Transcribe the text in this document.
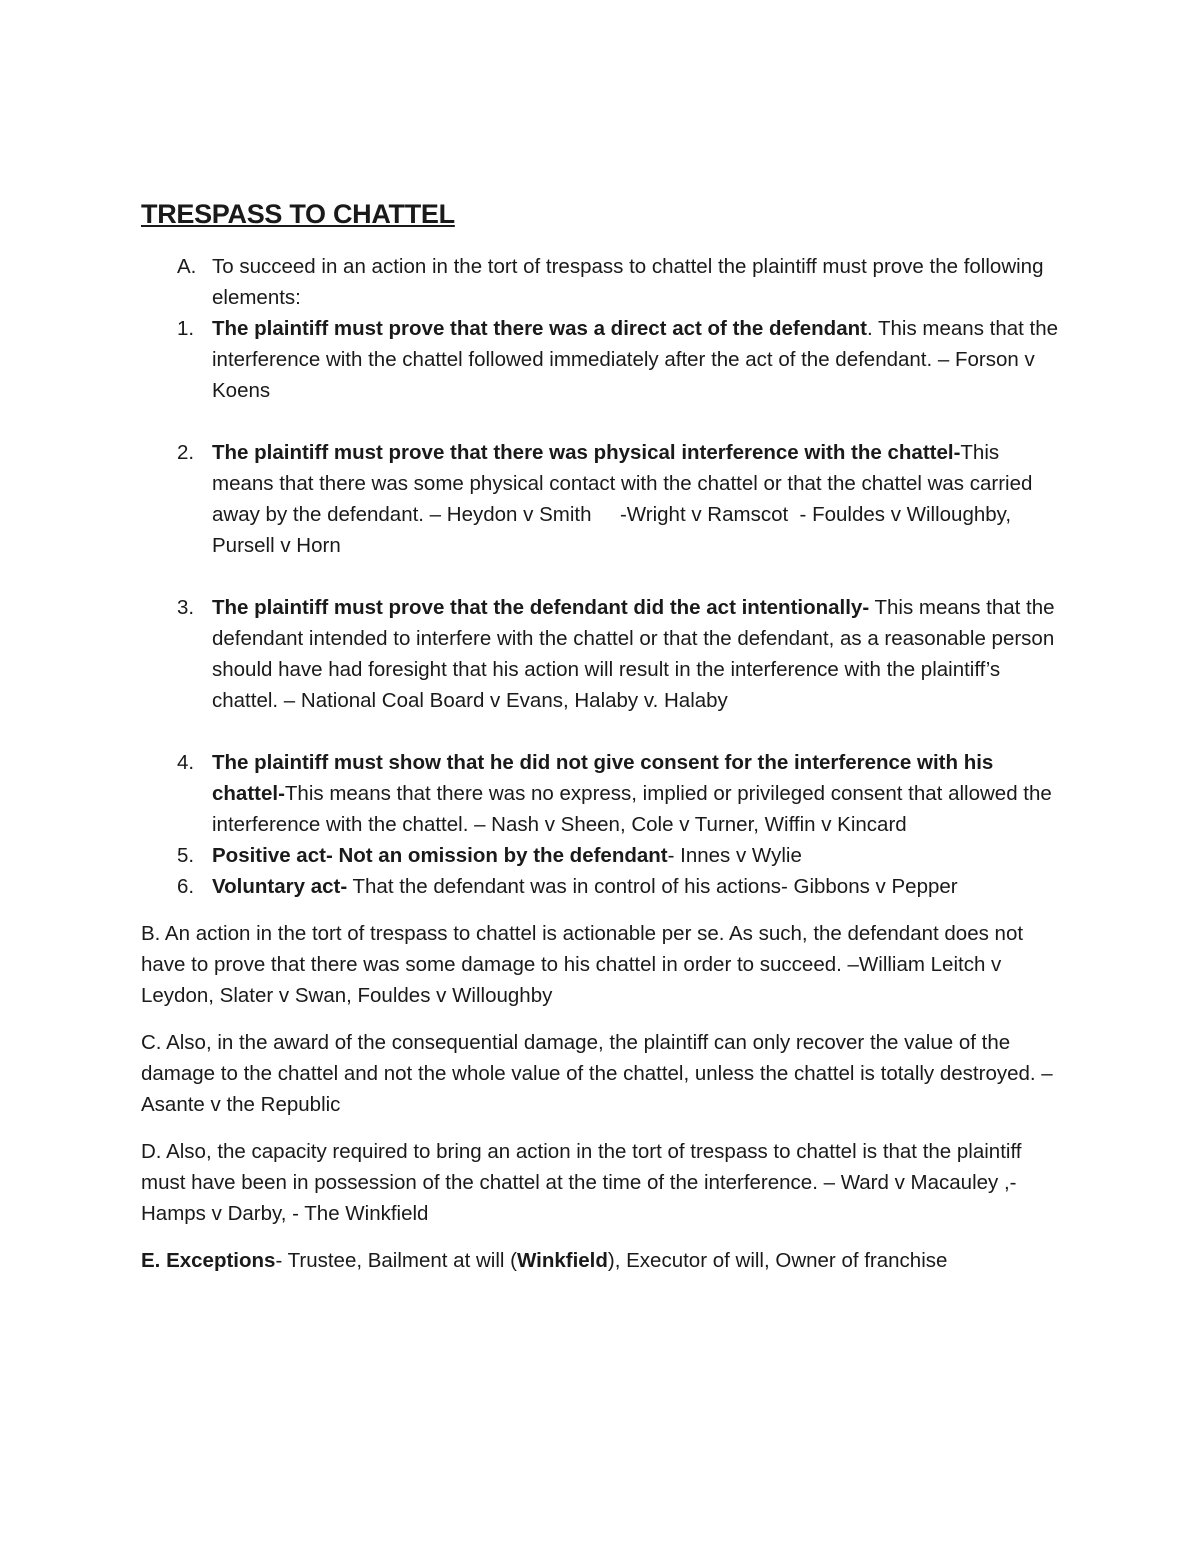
TRESPASS TO CHATTEL
A. To succeed in an action in the tort of trespass to chattel the plaintiff must prove the following elements:
1. The plaintiff must prove that there was a direct act of the defendant. This means that the interference with the chattel followed immediately after the act of the defendant. – Forson v Koens
2. The plaintiff must prove that there was physical interference with the chattel-This means that there was some physical contact with the chattel or that the chattel was carried away by the defendant. – Heydon v Smith     -Wright v Ramscot  - Fouldes v Willoughby, Pursell v Horn
3. The plaintiff must prove that the defendant did the act intentionally- This means that the defendant intended to interfere with the chattel or that the defendant, as a reasonable person should have had foresight that his action will result in the interference with the plaintiff’s chattel. – National Coal Board v Evans, Halaby v. Halaby
4. The plaintiff must show that he did not give consent for the interference with his chattel-This means that there was no express, implied or privileged consent that allowed the interference with the chattel. – Nash v Sheen, Cole v Turner, Wiffin v Kincard
5. Positive act- Not an omission by the defendant- Innes v Wylie
6. Voluntary act- That the defendant was in control of his actions- Gibbons v Pepper
B. An action in the tort of trespass to chattel is actionable per se. As such, the defendant does not have to prove that there was some damage to his chattel in order to succeed. –William Leitch v Leydon, Slater v Swan, Fouldes v Willoughby
C. Also, in the award of the consequential damage, the plaintiff can only recover the value of the damage to the chattel and not the whole value of the chattel, unless the chattel is totally destroyed. –Asante v the Republic
D. Also, the capacity required to bring an action in the tort of trespass to chattel is that the plaintiff must have been in possession of the chattel at the time of the interference. – Ward v Macauley ,-Hamps v Darby, - The Winkfield
E. Exceptions- Trustee, Bailment at will (Winkfield), Executor of will, Owner of franchise
